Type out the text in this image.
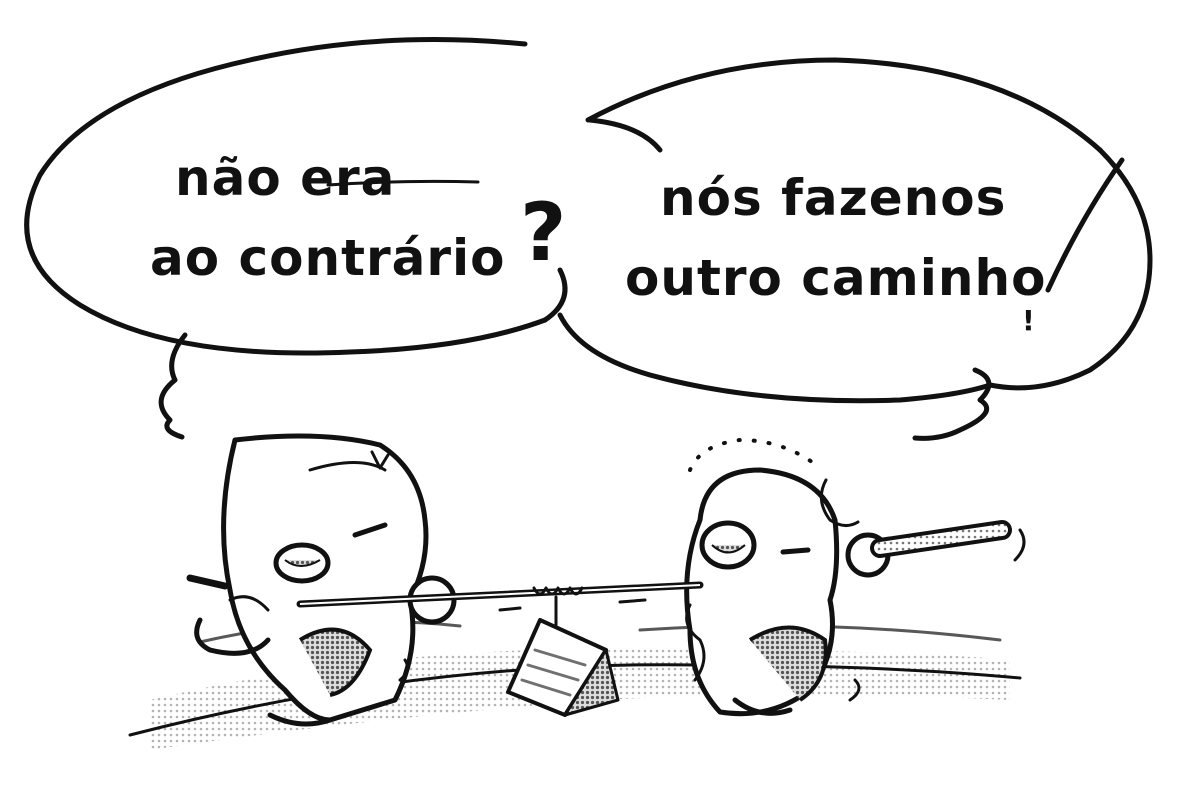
não era
ao contrário ? nós fazenos
outro caminho
!
